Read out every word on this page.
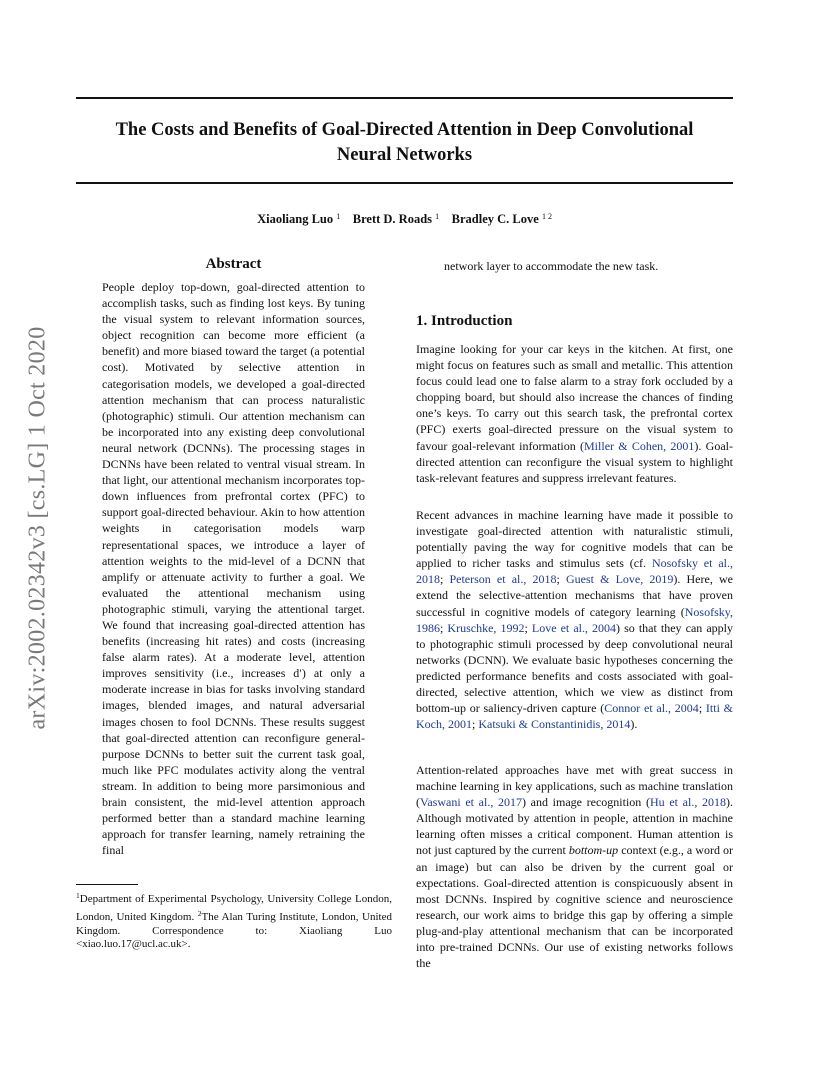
The Costs and Benefits of Goal-Directed Attention in Deep Convolutional
Neural Networks
Xiaoliang Luo $^1$ Brett D. Roads $^1$ Bradley C. Love $^{1 2}$
arXiv:2002.02342v3 [cs.LG] 1 Oct 2020
Abstract
People deploy top-down, goal-directed attention to accomplish tasks, such as finding lost keys. By tuning the visual system to relevant information sources, object recognition can become more efficient (a benefit) and more biased toward the target (a potential cost). Motivated by selective attention in categorisation models, we developed a goal-directed attention mechanism that can process naturalistic (photographic) stimuli. Our attention mechanism can be incorporated into any existing deep convolutional neural network (DCNNs). The processing stages in DCNNs have been related to ventral visual stream. In that light, our attentional mechanism incorporates top-down influences from prefrontal cortex (PFC) to support goal-directed behaviour. Akin to how attention weights in categorisation models warp representational spaces, we introduce a layer of attention weights to the mid-level of a DCNN that amplify or attenuate activity to further a goal. We evaluated the attentional mechanism using photographic stimuli, varying the attentional target. We found that increasing goal-directed attention has benefits (increasing hit rates) and costs (increasing false alarm rates). At a moderate level, attention improves sensitivity (i.e., increases d′) at only a moderate increase in bias for tasks involving standard images, blended images, and natural adversarial images chosen to fool DCNNs. These results suggest that goal-directed attention can reconfigure general-purpose DCNNs to better suit the current task goal, much like PFC modulates activity along the ventral stream. In addition to being more parsimonious and brain consistent, the mid-level attention approach performed better than a standard machine learning approach for transfer learning, namely retraining the final
$^1$Department of Experimental Psychology, University College London, London, United Kingdom. $^2$The Alan Turing Institute, London, United Kingdom. Correspondence to: Xiaoliang Luo <xiao.luo.17@ucl.ac.uk>.
network layer to accommodate the new task.
1. Introduction
Imagine looking for your car keys in the kitchen. At first, one might focus on features such as small and metallic. This attention focus could lead one to false alarm to a stray fork occluded by a chopping board, but should also increase the chances of finding one’s keys. To carry out this search task, the prefrontal cortex (PFC) exerts goal-directed pressure on the visual system to favour goal-relevant information (Miller & Cohen, 2001). Goal-directed attention can reconfigure the visual system to highlight task-relevant features and suppress irrelevant features.
Recent advances in machine learning have made it possible to investigate goal-directed attention with naturalistic stimuli, potentially paving the way for cognitive models that can be applied to richer tasks and stimulus sets (cf. Nosofsky et al., 2018; Peterson et al., 2018; Guest & Love, 2019). Here, we extend the selective-attention mechanisms that have proven successful in cognitive models of category learning (Nosofsky, 1986; Kruschke, 1992; Love et al., 2004) so that they can apply to photographic stimuli processed by deep convolutional neural networks (DCNN). We evaluate basic hypotheses concerning the predicted performance benefits and costs associated with goal-directed, selective attention, which we view as distinct from bottom-up or saliency-driven capture (Connor et al., 2004; Itti & Koch, 2001; Katsuki & Constantinidis, 2014).
Attention-related approaches have met with great success in machine learning in key applications, such as machine translation (Vaswani et al., 2017) and image recognition (Hu et al., 2018). Although motivated by attention in people, attention in machine learning often misses a critical component. Human attention is not just captured by the current bottom-up context (e.g., a word or an image) but can also be driven by the current goal or expectations. Goal-directed attention is conspicuously absent in most DCNNs. Inspired by cognitive science and neuroscience research, our work aims to bridge this gap by offering a simple plug-and-play attentional mechanism that can be incorporated into pre-trained DCNNs. Our use of existing networks follows the
